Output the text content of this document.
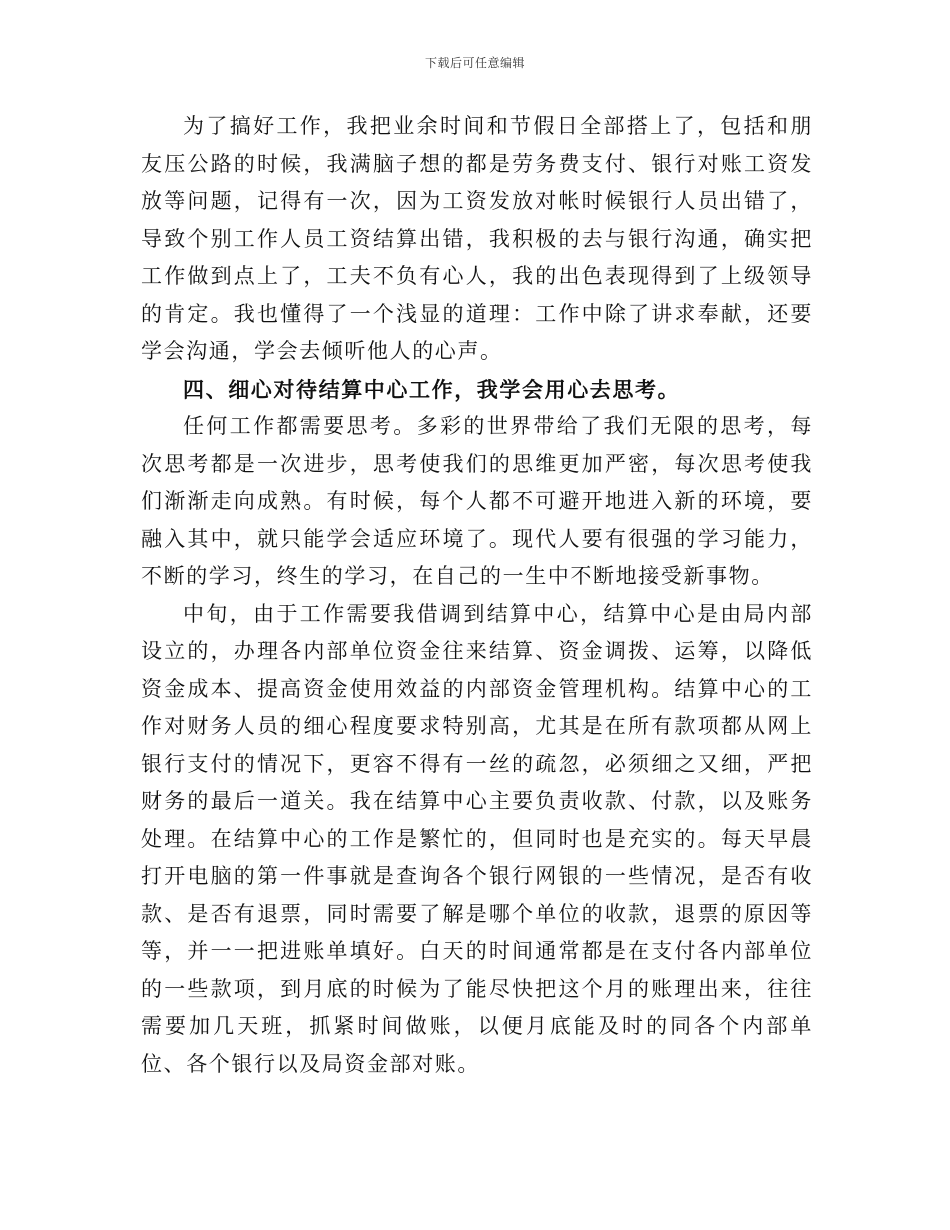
下载后可任意编辑

为了搞好工作，我把业余时间和节假日全部搭上了，包括和朋友压公路的时候，我满脑子想的都是劳务费支付、银行对账工资发放等问题，记得有一次，因为工资发放对帐时候银行人员出错了，导致个别工作人员工资结算出错，我积极的去与银行沟通，确实把工作做到点上了，工夫不负有心人，我的出色表现得到了上级领导的肯定。我也懂得了一个浅显的道理：工作中除了讲求奉献，还要学会沟通，学会去倾听他人的心声。

四、细心对待结算中心工作，我学会用心去思考。

任何工作都需要思考。多彩的世界带给了我们无限的思考，每次思考都是一次进步，思考使我们的思维更加严密，每次思考使我们渐渐走向成熟。有时候，每个人都不可避开地进入新的环境，要融入其中，就只能学会适应环境了。现代人要有很强的学习能力，不断的学习，终生的学习，在自己的一生中不断地接受新事物。

中旬，由于工作需要我借调到结算中心，结算中心是由局内部设立的，办理各内部单位资金往来结算、资金调拨、运筹，以降低资金成本、提高资金使用效益的内部资金管理机构。结算中心的工作对财务人员的细心程度要求特别高，尤其是在所有款项都从网上银行支付的情况下，更容不得有一丝的疏忽，必须细之又细，严把财务的最后一道关。我在结算中心主要负责收款、付款，以及账务处理。在结算中心的工作是繁忙的，但同时也是充实的。每天早晨打开电脑的第一件事就是查询各个银行网银的一些情况，是否有收款、是否有退票，同时需要了解是哪个单位的收款，退票的原因等等，并一一把进账单填好。白天的时间通常都是在支付各内部单位的一些款项，到月底的时候为了能尽快把这个月的账理出来，往往需要加几天班，抓紧时间做账，以便月底能及时的同各个内部单位、各个银行以及局资金部对账。
